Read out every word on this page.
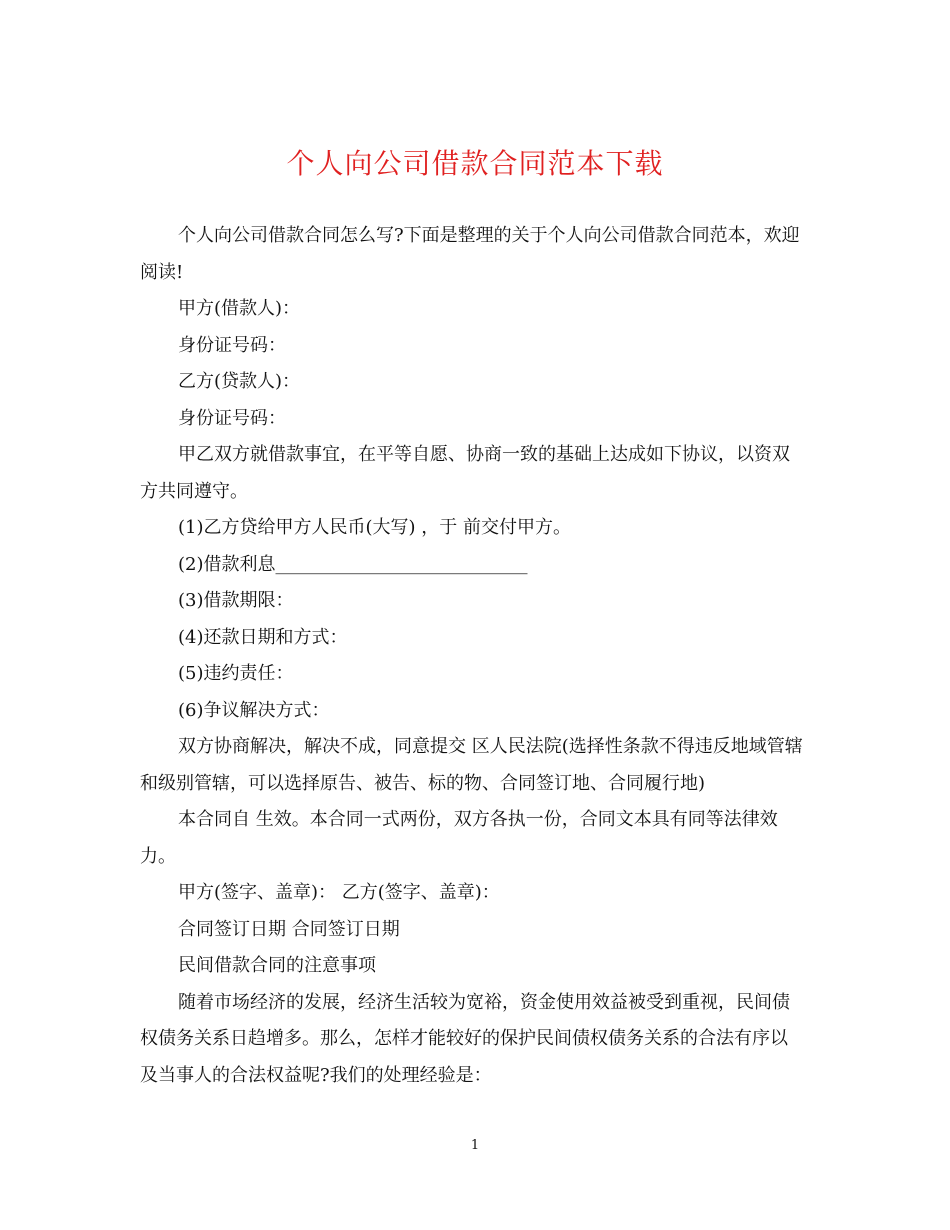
个人向公司借款合同范本下载

个人向公司借款合同怎么写?下面是整理的关于个人向公司借款合同范本，欢迎阅读!

甲方(借款人)：

身份证号码：

乙方(贷款人)：

身份证号码：

甲乙双方就借款事宜，在平等自愿、协商一致的基础上达成如下协议，以资双方共同遵守。

(1)乙方贷给甲方人民币(大写) ，于 前交付甲方。

(2)借款利息____________________________

(3)借款期限：

(4)还款日期和方式：

(5)违约责任：

(6)争议解决方式：

双方协商解决，解决不成，同意提交 区人民法院(选择性条款不得违反地域管辖和级别管辖，可以选择原告、被告、标的物、合同签订地、合同履行地)

本合同自 生效。本合同一式两份，双方各执一份，合同文本具有同等法律效力。

甲方(签字、盖章)： 乙方(签字、盖章)：

合同签订日期 合同签订日期

民间借款合同的注意事项

随着市场经济的发展，经济生活较为宽裕，资金使用效益被受到重视，民间债权债务关系日趋增多。那么，怎样才能较好的保护民间债权债务关系的合法有序以及当事人的合法权益呢?我们的处理经验是：

1
